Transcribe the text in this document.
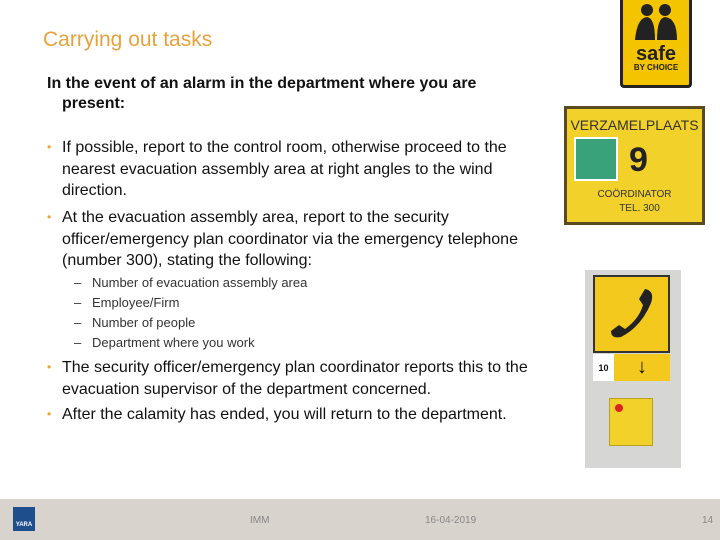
Carrying out tasks
In the event of an alarm in the department where you are
present:
• If possible, report to the control room, otherwise proceed to the nearest evacuation assembly area at right angles to the wind direction.
• At the evacuation assembly area, report to the security officer/emergency plan coordinator via the emergency telephone (number 300), stating the following:
– Number of evacuation assembly area
– Employee/Firm
– Number of people
– Department where you work
• The security officer/emergency plan coordinator reports this to the evacuation supervisor of the department concerned.
• After the calamity has ended, you will return to the department.
safe
BY CHOICE
VERZAMELPLAATS
9
COÖRDINATOR
TEL. 300
10	↓
YARA	IMM	16-04-2019	14
